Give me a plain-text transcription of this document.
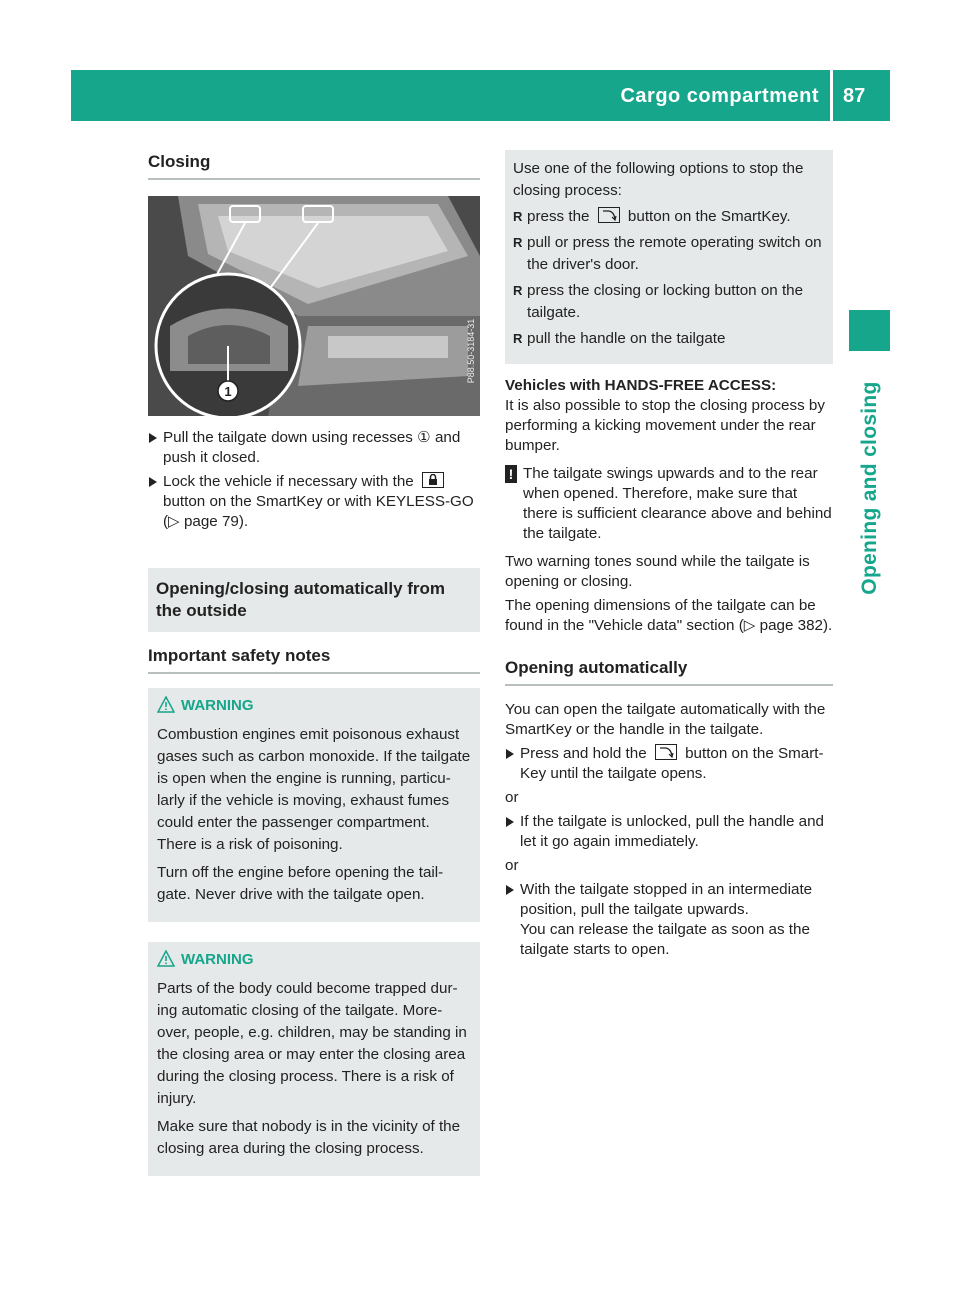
Cargo compartment 87
Opening and closing
Closing
1
P88.50-3184-31
Pull the tailgate down using recesses ① and push it closed.
Lock the vehicle if necessary with the
button on the SmartKey or with KEYLESS-GO (▷ page 79).
Opening/closing automatically from the outside
Important safety notes
WARNING
Combustion engines emit poisonous exhaust gases such as carbon monoxide. If the tailgate is open when the engine is running, particu-larly if the vehicle is moving, exhaust fumes could enter the passenger compartment. There is a risk of poisoning.
Turn off the engine before opening the tail-gate. Never drive with the tailgate open.
WARNING
Parts of the body could become trapped dur-ing automatic closing of the tailgate. More-over, people, e.g. children, may be standing in the closing area or may enter the closing area during the closing process. There is a risk of injury.
Make sure that nobody is in the vicinity of the closing area during the closing process.
Use one of the following options to stop the closing process:
R press the
button on the SmartKey.
R pull or press the remote operating switch on the driver's door.
R press the closing or locking button on the tailgate.
R pull the handle on the tailgate
Vehicles with HANDS-FREE ACCESS:
It is also possible to stop the closing process by performing a kicking movement under the rear bumper.
! The tailgate swings upwards and to the rear when opened. Therefore, make sure that there is sufficient clearance above and behind the tailgate.
Two warning tones sound while the tailgate is opening or closing.
The opening dimensions of the tailgate can be found in the "Vehicle data" section (▷ page 382).
Opening automatically
You can open the tailgate automatically with the SmartKey or the handle in the tailgate.
Press and hold the
button on the Smart-Key until the tailgate opens.
or
If the tailgate is unlocked, pull the handle and let it go again immediately.
or
With the tailgate stopped in an intermediate position, pull the tailgate upwards.
You can release the tailgate as soon as the tailgate starts to open.
